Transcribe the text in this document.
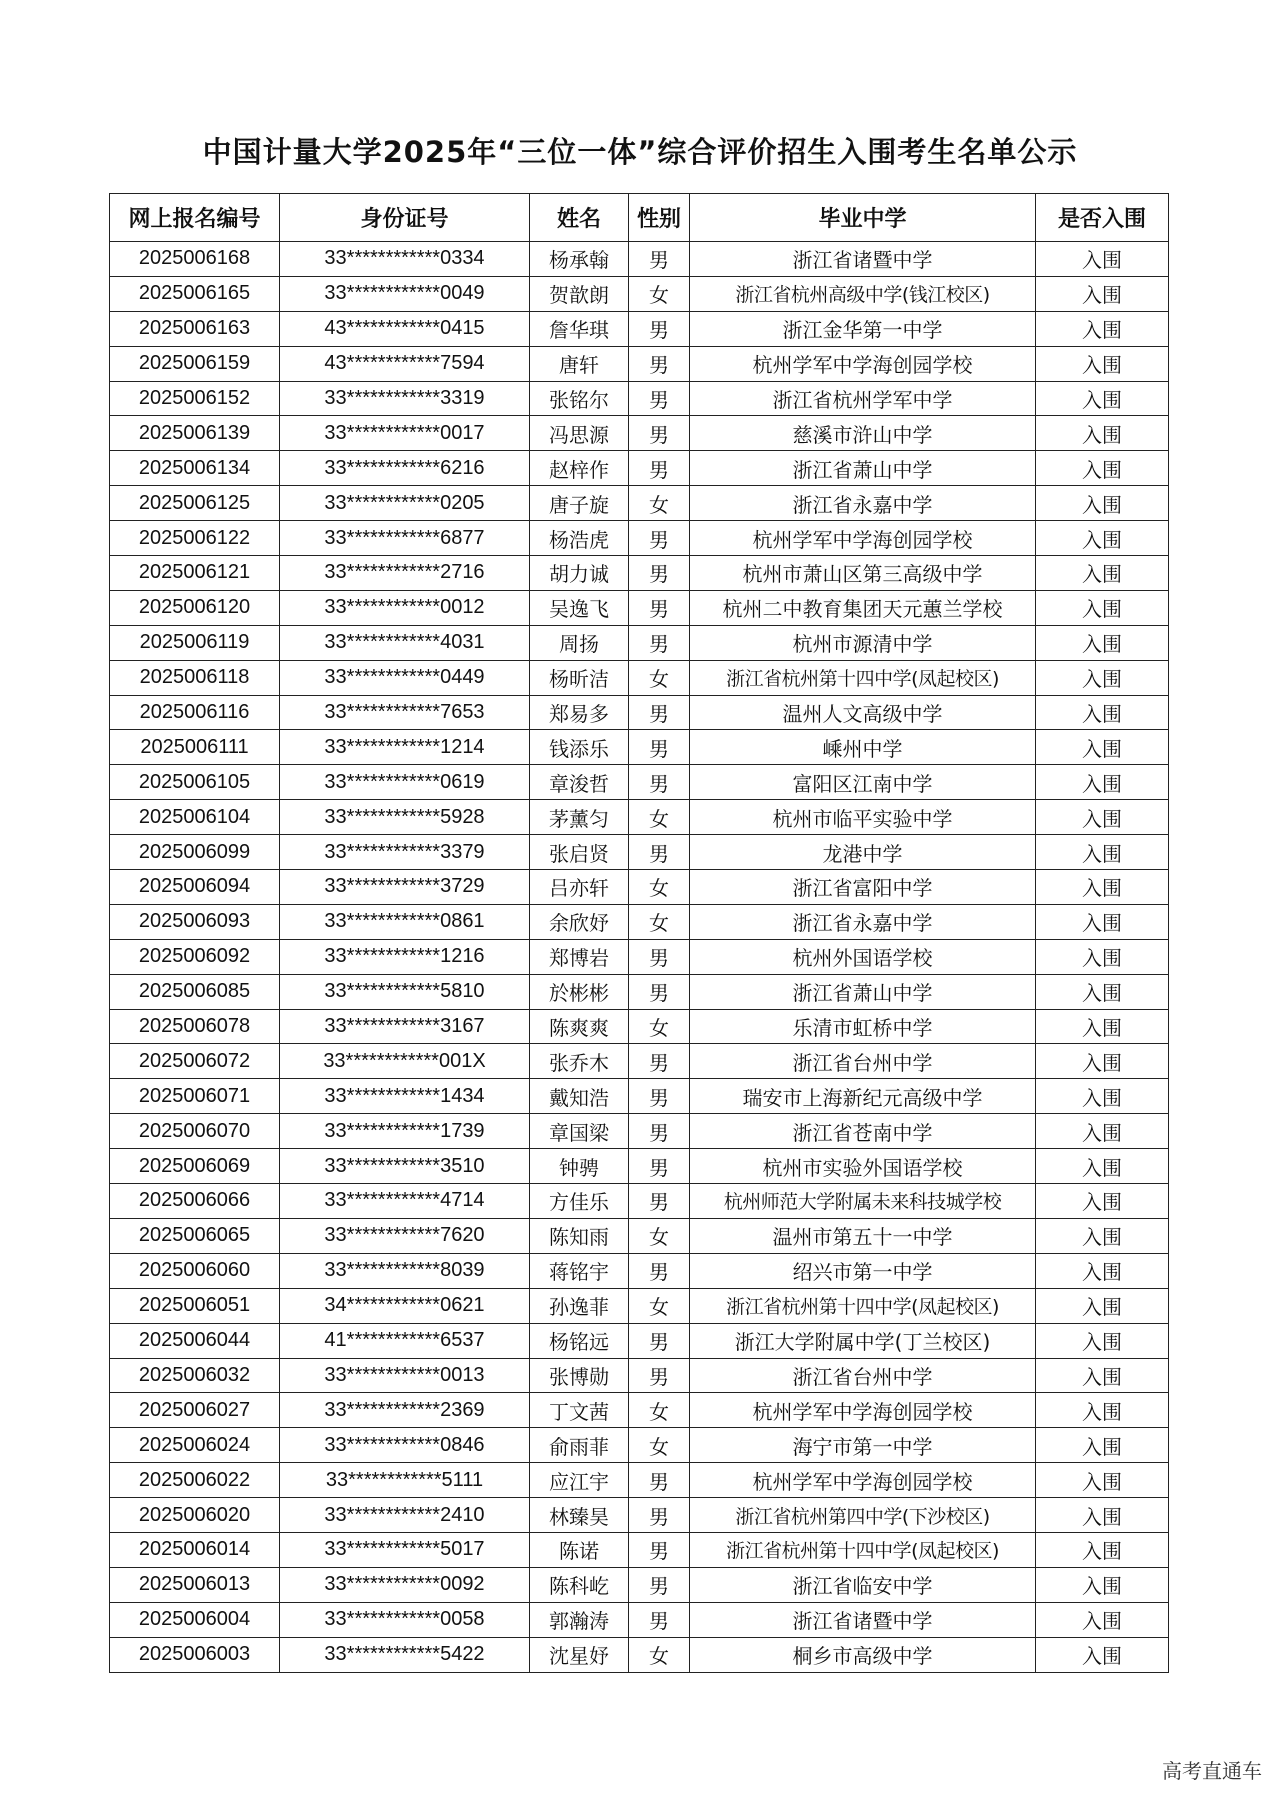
中国计量大学2025年“三位一体”综合评价招生入围考生名单公示
网上报名编号	身份证号	姓名	性别	毕业中学	是否入围
2025006168	33************0334	杨承翰	男	浙江省诸暨中学	入围
2025006165	33************0049	贺歆朗	女	浙江省杭州高级中学(钱江校区)	入围
2025006163	43************0415	詹华琪	男	浙江金华第一中学	入围
2025006159	43************7594	唐轩	男	杭州学军中学海创园学校	入围
2025006152	33************3319	张铭尔	男	浙江省杭州学军中学	入围
2025006139	33************0017	冯思源	男	慈溪市浒山中学	入围
2025006134	33************6216	赵梓作	男	浙江省萧山中学	入围
2025006125	33************0205	唐子旋	女	浙江省永嘉中学	入围
2025006122	33************6877	杨浩虎	男	杭州学军中学海创园学校	入围
2025006121	33************2716	胡力诚	男	杭州市萧山区第三高级中学	入围
2025006120	33************0012	吴逸飞	男	杭州二中教育集团天元蕙兰学校	入围
2025006119	33************4031	周扬	男	杭州市源清中学	入围
2025006118	33************0449	杨昕洁	女	浙江省杭州第十四中学(凤起校区)	入围
2025006116	33************7653	郑易多	男	温州人文高级中学	入围
2025006111	33************1214	钱添乐	男	嵊州中学	入围
2025006105	33************0619	章浚哲	男	富阳区江南中学	入围
2025006104	33************5928	茅薰匀	女	杭州市临平实验中学	入围
2025006099	33************3379	张启贤	男	龙港中学	入围
2025006094	33************3729	吕亦轩	女	浙江省富阳中学	入围
2025006093	33************0861	余欣妤	女	浙江省永嘉中学	入围
2025006092	33************1216	郑博岩	男	杭州外国语学校	入围
2025006085	33************5810	於彬彬	男	浙江省萧山中学	入围
2025006078	33************3167	陈爽爽	女	乐清市虹桥中学	入围
2025006072	33************001X	张乔木	男	浙江省台州中学	入围
2025006071	33************1434	戴知浩	男	瑞安市上海新纪元高级中学	入围
2025006070	33************1739	章国梁	男	浙江省苍南中学	入围
2025006069	33************3510	钟骋	男	杭州市实验外国语学校	入围
2025006066	33************4714	方佳乐	男	杭州师范大学附属未来科技城学校	入围
2025006065	33************7620	陈知雨	女	温州市第五十一中学	入围
2025006060	33************8039	蒋铭宇	男	绍兴市第一中学	入围
2025006051	34************0621	孙逸菲	女	浙江省杭州第十四中学(凤起校区)	入围
2025006044	41************6537	杨铭远	男	浙江大学附属中学(丁兰校区)	入围
2025006032	33************0013	张博勋	男	浙江省台州中学	入围
2025006027	33************2369	丁文茜	女	杭州学军中学海创园学校	入围
2025006024	33************0846	俞雨菲	女	海宁市第一中学	入围
2025006022	33************5111	应江宇	男	杭州学军中学海创园学校	入围
2025006020	33************2410	林臻昊	男	浙江省杭州第四中学(下沙校区)	入围
2025006014	33************5017	陈诺	男	浙江省杭州第十四中学(凤起校区)	入围
2025006013	33************0092	陈科屹	男	浙江省临安中学	入围
2025006004	33************0058	郭瀚涛	男	浙江省诸暨中学	入围
2025006003	33************5422	沈星妤	女	桐乡市高级中学	入围
高考直通车
